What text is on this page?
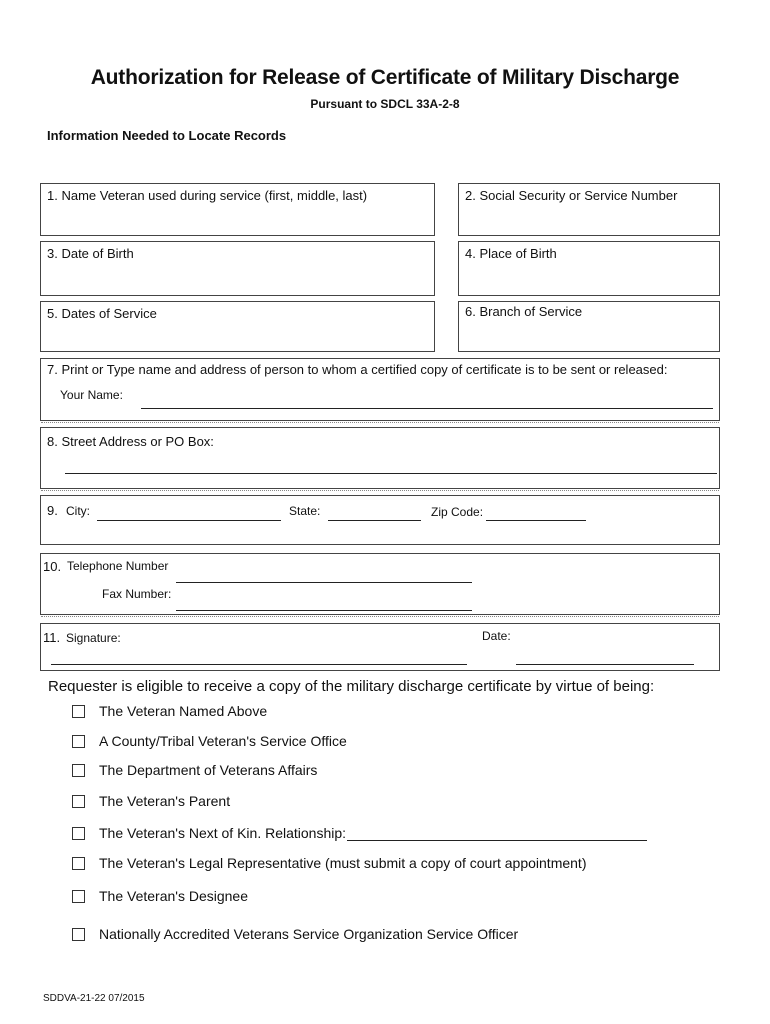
Authorization for Release of Certificate of Military Discharge
Pursuant to SDCL 33A-2-8
Information Needed to Locate Records
1. Name Veteran used during service (first, middle, last)	2. Social Security or Service Number
3. Date of Birth	4. Place of Birth
5. Dates of Service	6. Branch of Service
7. Print or Type name and address of person to whom a certified copy of certificate is to be sent or released:
Your Name:
8. Street Address or PO Box:
9. City:	State:	Zip Code:
10. Telephone Number
Fax Number:
11. Signature:	Date:
Requester is eligible to receive a copy of the military discharge certificate by virtue of being:
The Veteran Named Above
A County/Tribal Veteran's Service Office
The Department of Veterans Affairs
The Veteran's Parent
The Veteran's Next of Kin. Relationship:
The Veteran's Legal Representative (must submit a copy of court appointment)
The Veteran's Designee
Nationally Accredited Veterans Service Organization Service Officer
SDDVA-21-22 07/2015
